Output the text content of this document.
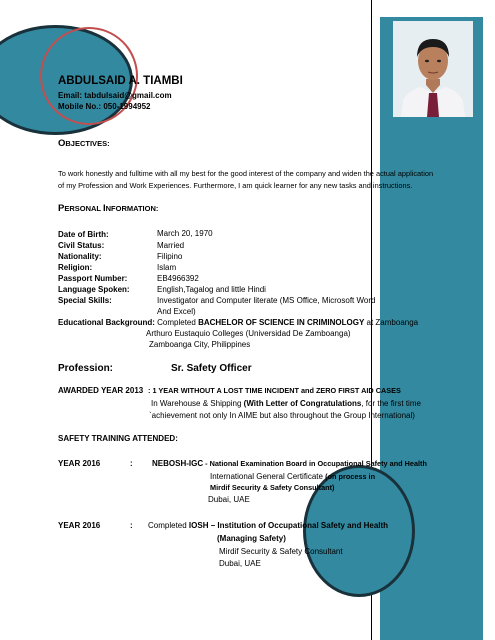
ABDULSAID A. TIAMBI
Email: tabdulsaid@gmail.com
Mobile No.: 050-1994952
OBJECTIVES:
To work honestly and fulltime with all my best for the good interest of the company and widen the actual application
of my Profession and Work Experiences. Furthermore, I am quick learner for any new tasks and instructions.
PERSONAL INFORMATION:
Date of Birth:	March 20, 1970
Civil Status:	Married
Nationality:	Filipino
Religion:	Islam
Passport Number:	EB4966392
Language Spoken:	English,Tagalog and little Hindi
Special Skills:	Investigator and Computer literate (MS Office, Microsoft Word
And Excel)
Educational Background: Completed BACHELOR OF SCIENCE IN CRIMINOLOGY at Zamboanga
Arthuro Eustaquio Colleges (Universidad De Zamboanga)
Zamboanga City, Philippines
Profession:	Sr. Safety Officer
AWARDED YEAR 2013 : 1 YEAR WITHOUT A LOST TIME INCIDENT and ZERO FIRST AID CASES
In Warehouse & Shipping (With Letter of Congratulations, for the first time
`achievement not only In AIME but also throughout the Group International)
SAFETY TRAINING ATTENDED:
YEAR 2016	: NEBOSH-IGC - National Examination Board in Occupational Safety and Health
International General Certificate (on process in
Mirdif Security & Safety Consultant)
Dubai, UAE
YEAR 2016	: Completed IOSH – Institution of Occupational Safety and Health
(Managing Safety)
Mirdif Security & Safety Consultant
Dubai, UAE
